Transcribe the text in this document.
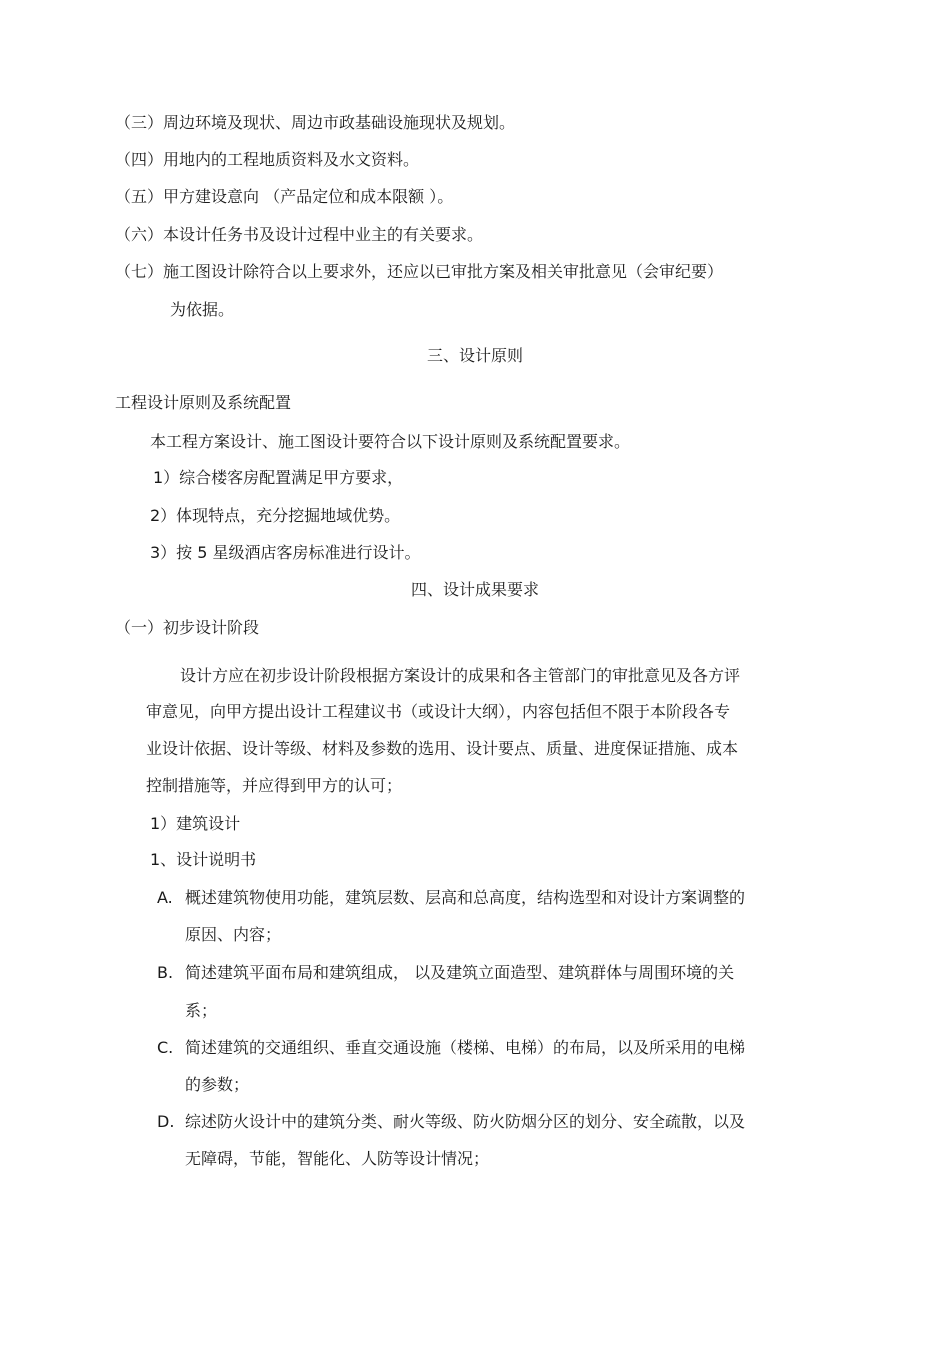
（三）周边环境及现状、周边市政基础设施现状及规划。
（四）用地内的工程地质资料及水文资料。
（五）甲方建设意向 （产品定位和成本限额 ）。
（六）本设计任务书及设计过程中业主的有关要求。
（七）施工图设计除符合以上要求外，还应以已审批方案及相关审批意见（会审纪要）
为依据。
三、设计原则
工程设计原则及系统配置
本工程方案设计、施工图设计要符合以下设计原则及系统配置要求。
1）综合楼客房配置满足甲方要求，
2）体现特点，充分挖掘地域优势。
3）按 5 星级酒店客房标准进行设计。
四、设计成果要求
（一）初步设计阶段
设计方应在初步设计阶段根据方案设计的成果和各主管部门的审批意见及各方评
审意见，向甲方提出设计工程建议书（或设计大纲），内容包括但不限于本阶段各专
业设计依据、设计等级、材料及参数的选用、设计要点、质量、进度保证措施、成本
控制措施等，并应得到甲方的认可；
1）建筑设计
1、设计说明书
A. 概述建筑物使用功能，建筑层数、层高和总高度，结构选型和对设计方案调整的
原因、内容；
B. 简述建筑平面布局和建筑组成， 以及建筑立面造型、建筑群体与周围环境的关
系；
C. 简述建筑的交通组织、垂直交通设施（楼梯、电梯）的布局，以及所采用的电梯
的参数；
D. 综述防火设计中的建筑分类、耐火等级、防火防烟分区的划分、安全疏散，以及
无障碍，节能，智能化、人防等设计情况；
